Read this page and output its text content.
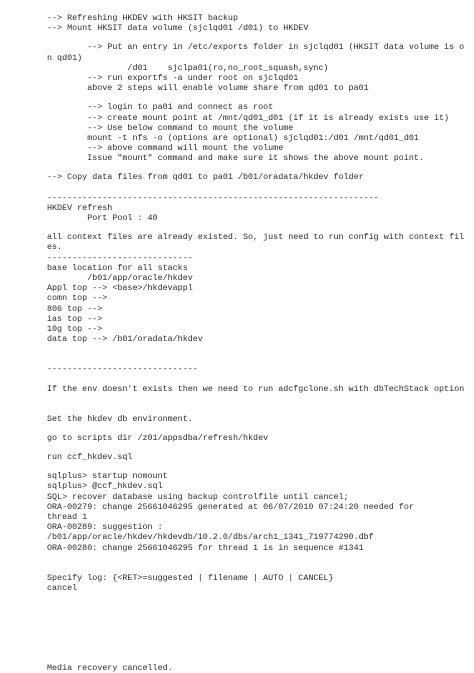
--> Refreshing HKDEV with HKSIT backup
--> Mount HKSIT data volume (sjclqd01 /d01) to HKDEV
--> Put an entry in /etc/exports folder in sjclqd01 (HKSIT data volume is on qd01)
/d01    sjclpa01(ro,no_root_squash,sync)
--> run exportfs -a under root on sjclqd01
above 2 steps will enable volume share from qd01 to pa01
--> login to pa01 and connect as root
--> create mount point at /mnt/qd01_d01 (if it is already exists use it)
--> Use below command to mount the volume
mount -t nfs -o (options are optional) sjclqd01:/d01 /mnt/qd01_d01
--> above command will mount the volume
Issue "mount" command and make sure it shows the above mount point.
--> Copy data files from qd01 to pa01 /b01/oradata/hkdev folder
------------------------------------------------------------------
HKDEV refresh
Port Pool : 40
all context files are already existed. So, just need to run config with context files.
-----------------------------
base location for all stacks
/b01/app/oracle/hkdev
Appl top --> <base>/hkdevappl
comn top -->
806 top -->
ias top -->
10g top -->
data top --> /b01/oradata/hkdev
------------------------------
If the env doesn't exists then we need to run adcfgclone.sh with dbTechStack option
Set the hkdev db environment.
go to scripts dir /z01/appsdba/refresh/hkdev
run ccf_hkdev.sql
sqlplus> startup nomount
sqlplus> @ccf_hkdev.sql
SQL> recover database using backup controlfile until cancel;
ORA-00279: change 25661046295 generated at 06/07/2010 07:24:20 needed for
thread 1
ORA-00289: suggestion :
/b01/app/oracle/hkdev/hkdevdb/10.2.0/dbs/arch1_1341_719774290.dbf
ORA-00280: change 25661046295 for thread 1 is in sequence #1341
Specify log: {<RET>=suggested | filename | AUTO | CANCEL}
cancel
Media recovery cancelled.
